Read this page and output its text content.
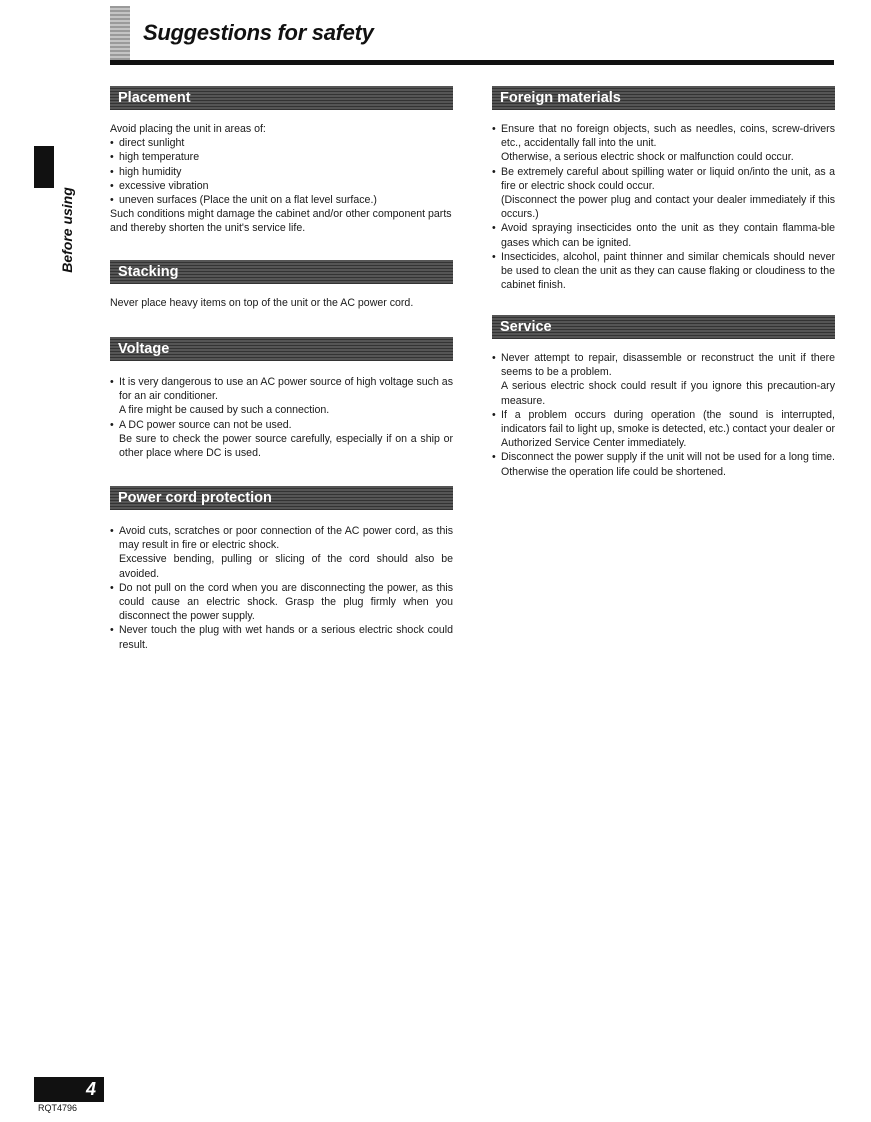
Suggestions for safety
Before using
Placement

Avoid placing the unit in areas of:

• direct sunlight
• high temperature
• high humidity
• excessive vibration
• uneven surfaces (Place the unit on a flat level surface.)

Such conditions might damage the cabinet and/or other component parts and thereby shorten the unit's service life.

Stacking

Never place heavy items on top of the unit or the AC power cord.

Voltage
• It is very dangerous to use an AC power source of high voltage such as for an air conditioner.
A fire might be caused by such a connection.
• A DC power source can not be used.
Be sure to check the power source carefully, especially if on a ship or other place where DC is used.
Power cord protection
• Avoid cuts, scratches or poor connection of the AC power cord, as this may result in fire or electric shock.
Excessive bending, pulling or slicing of the cord should also be avoided.
• Do not pull on the cord when you are disconnecting the power, as this could cause an electric shock. Grasp the plug firmly when you disconnect the power supply.
• Never touch the plug with wet hands or a serious electric shock could result.
Foreign materials
• Ensure that no foreign objects, such as needles, coins, screw-drivers etc., accidentally fall into the unit.
Otherwise, a serious electric shock or malfunction could occur.
• Be extremely careful about spilling water or liquid on/into the unit, as a fire or electric shock could occur.
(Disconnect the power plug and contact your dealer immediately if this occurs.)
• Avoid spraying insecticides onto the unit as they contain flamma-ble gases which can be ignited.
• Insecticides, alcohol, paint thinner and similar chemicals should never be used to clean the unit as they can cause flaking or cloudiness to the cabinet finish.
Service
• Never attempt to repair, disassemble or reconstruct the unit if there seems to be a problem.
A serious electric shock could result if you ignore this precaution-ary measure.
• If a problem occurs during operation (the sound is interrupted, indicators fail to light up, smoke is detected, etc.) contact your dealer or Authorized Service Center immediately.
• Disconnect the power supply if the unit will not be used for a long time. Otherwise the operation life could be shortened.
4
RQT4796
